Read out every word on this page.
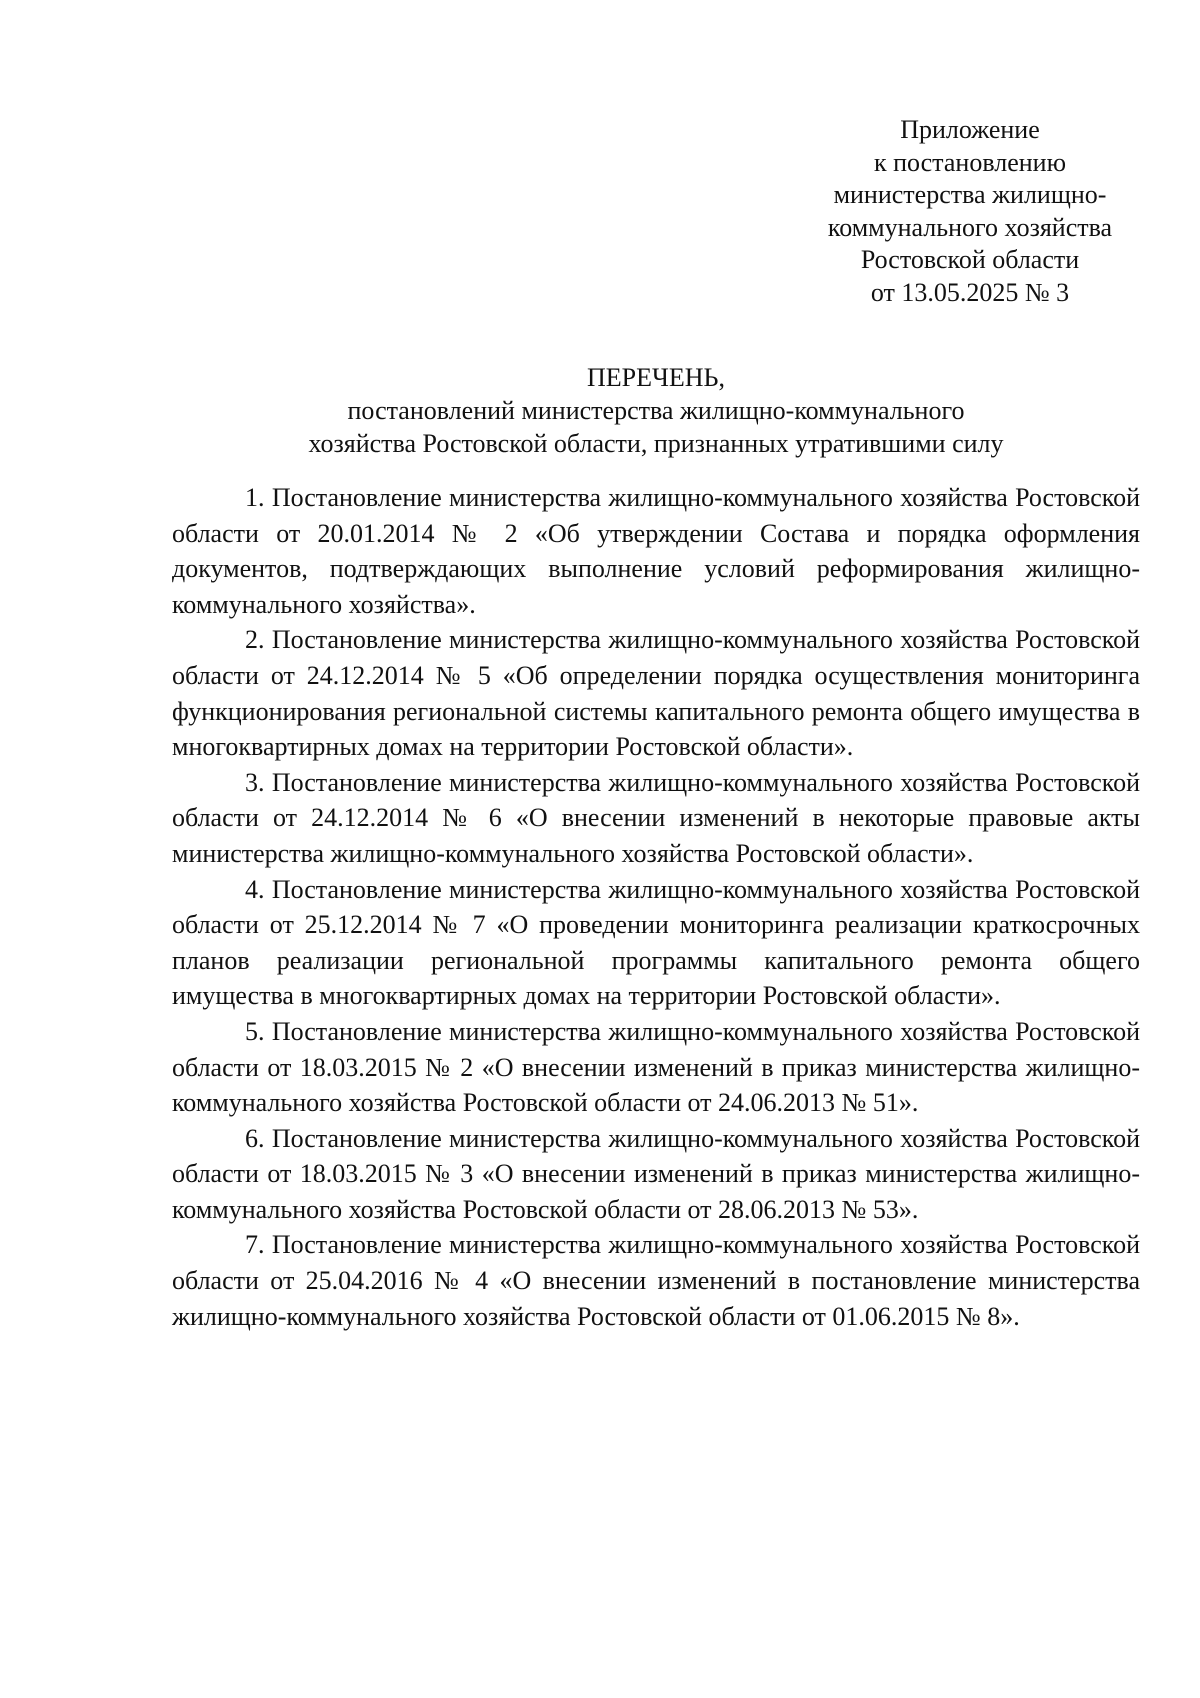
Приложение
к постановлению
министерства жилищно-
коммунального хозяйства
Ростовской области
от 13.05.2025 № 3
ПЕРЕЧЕНЬ,
постановлений министерства жилищно-коммунального
хозяйства Ростовской области, признанных утратившими силу

1. Постановление министерства жилищно-коммунального хозяйства Ростовской области от 20.01.2014 № 2 «Об утверждении Состава и порядка оформления документов, подтверждающих выполнение условий реформирования жилищно-коммунального хозяйства».

2. Постановление министерства жилищно-коммунального хозяйства Ростовской области от 24.12.2014 № 5 «Об определении порядка осуществления мониторинга функционирования региональной системы капитального ремонта общего имущества в многоквартирных домах на территории Ростовской области».

3. Постановление министерства жилищно-коммунального хозяйства Ростовской области от 24.12.2014 № 6 «О внесении изменений в некоторые правовые акты министерства жилищно-коммунального хозяйства Ростовской области».

4. Постановление министерства жилищно-коммунального хозяйства Ростовской области от 25.12.2014 № 7 «О проведении мониторинга реализации краткосрочных планов реализации региональной программы капитального ремонта общего имущества в многоквартирных домах на территории Ростовской области».

5. Постановление министерства жилищно-коммунального хозяйства Ростовской области от 18.03.2015 № 2 «О внесении изменений в приказ министерства жилищно-коммунального хозяйства Ростовской области от 24.06.2013 № 51».

6. Постановление министерства жилищно-коммунального хозяйства Ростовской области от 18.03.2015 № 3 «О внесении изменений в приказ министерства жилищно-коммунального хозяйства Ростовской области от 28.06.2013 № 53».

7. Постановление министерства жилищно-коммунального хозяйства Ростовской области от 25.04.2016 № 4 «О внесении изменений в постановление министерства жилищно-коммунального хозяйства Ростовской области от 01.06.2015 № 8».
